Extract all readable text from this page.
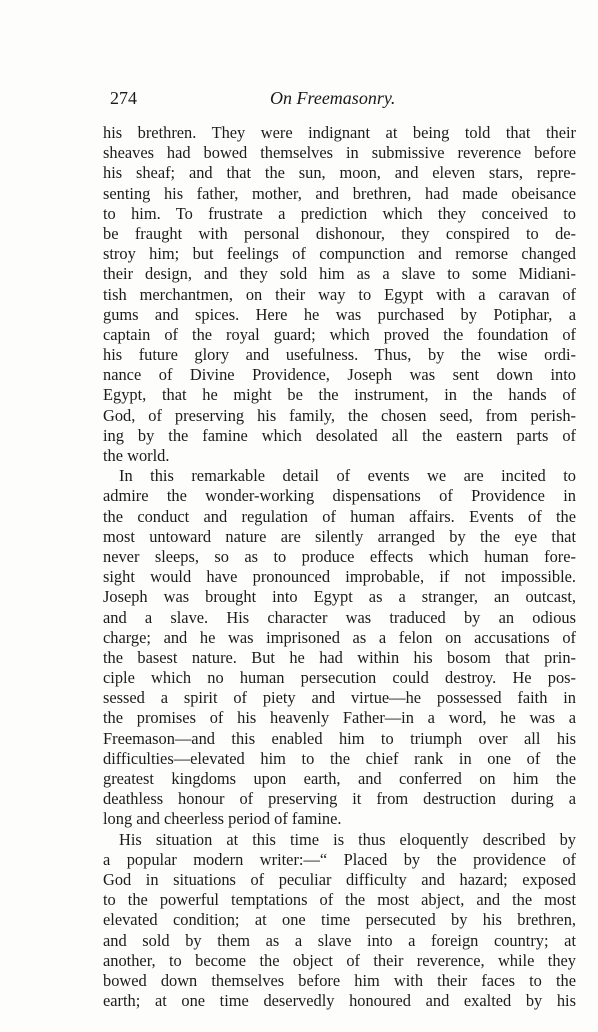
274	On Freemasonry.
his brethren. They were indignant at being told that their
sheaves had bowed themselves in submissive reverence before
his sheaf; and that the sun, moon, and eleven stars, repre-
senting his father, mother, and brethren, had made obeisance
to him. To frustrate a prediction which they conceived to
be fraught with personal dishonour, they conspired to de-
stroy him; but feelings of compunction and remorse changed
their design, and they sold him as a slave to some Midiani-
tish merchantmen, on their way to Egypt with a caravan of
gums and spices. Here he was purchased by Potiphar, a
captain of the royal guard; which proved the foundation of
his future glory and usefulness. Thus, by the wise ordi-
nance of Divine Providence, Joseph was sent down into
Egypt, that he might be the instrument, in the hands of
God, of preserving his family, the chosen seed, from perish-
ing by the famine which desolated all the eastern parts of
the world.
In this remarkable detail of events we are incited to
admire the wonder-working dispensations of Providence in
the conduct and regulation of human affairs. Events of the
most untoward nature are silently arranged by the eye that
never sleeps, so as to produce effects which human fore-
sight would have pronounced improbable, if not impossible.
Joseph was brought into Egypt as a stranger, an outcast,
and a slave. His character was traduced by an odious
charge; and he was imprisoned as a felon on accusations of
the basest nature. But he had within his bosom that prin-
ciple which no human persecution could destroy. He pos-
sessed a spirit of piety and virtue—he possessed faith in
the promises of his heavenly Father—in a word, he was a
Freemason—and this enabled him to triumph over all his
difficulties—elevated him to the chief rank in one of the
greatest kingdoms upon earth, and conferred on him the
deathless honour of preserving it from destruction during a
long and cheerless period of famine.
His situation at this time is thus eloquently described by
a popular modern writer:—“ Placed by the providence of
God in situations of peculiar difficulty and hazard; exposed
to the powerful temptations of the most abject, and the most
elevated condition; at one time persecuted by his brethren,
and sold by them as a slave into a foreign country; at
another, to become the object of their reverence, while they
bowed down themselves before him with their faces to the
earth; at one time deservedly honoured and exalted by his
